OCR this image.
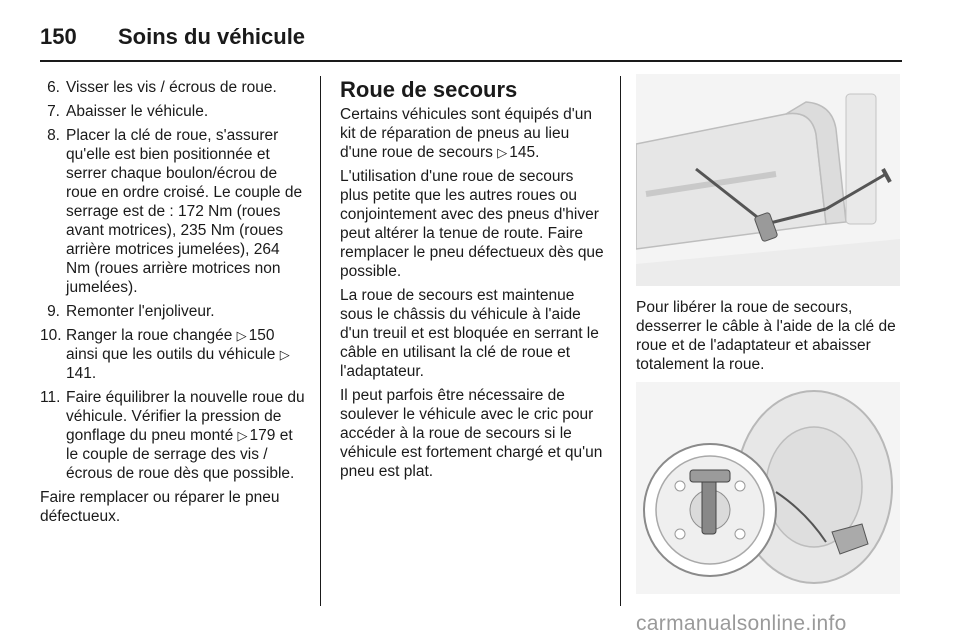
150	Soins du véhicule
6. Visser les vis / écrous de roue.
7. Abaisser le véhicule.
8. Placer la clé de roue, s'assurer qu'elle est bien positionnée et serrer chaque boulon/écrou de roue en ordre croisé. Le couple de serrage est de : 172 Nm (roues avant motrices), 235 Nm (roues arrière motrices jumelées), 264 Nm (roues arrière motrices non jumelées).
9. Remonter l'enjoliveur.
10. Ranger la roue changée ▷ 150 ainsi que les outils du véhicule ▷141.
11. Faire équilibrer la nouvelle roue du véhicule. Vérifier la pression de gonflage du pneu monté ▷ 179 et le couple de serrage des vis / écrous de roue dès que possible.

Faire remplacer ou réparer le pneu défectueux.

Roue de secours

Certains véhicules sont équipés d'un kit de réparation de pneus au lieu d'une roue de secours ▷ 145.

L'utilisation d'une roue de secours plus petite que les autres roues ou conjointement avec des pneus d'hiver peut altérer la tenue de route. Faire remplacer le pneu défectueux dès que possible.

La roue de secours est maintenue sous le châssis du véhicule à l'aide d'un treuil et est bloquée en serrant le câble en utilisant la clé de roue et l'adaptateur.

Il peut parfois être nécessaire de soulever le véhicule avec le cric pour accéder à la roue de secours si le véhicule est fortement chargé et qu'un pneu est plat.

Pour libérer la roue de secours, desserrer le câble à l'aide de la clé de roue et de l'adaptateur et abaisser totalement la roue.

carmanualsonline.info
